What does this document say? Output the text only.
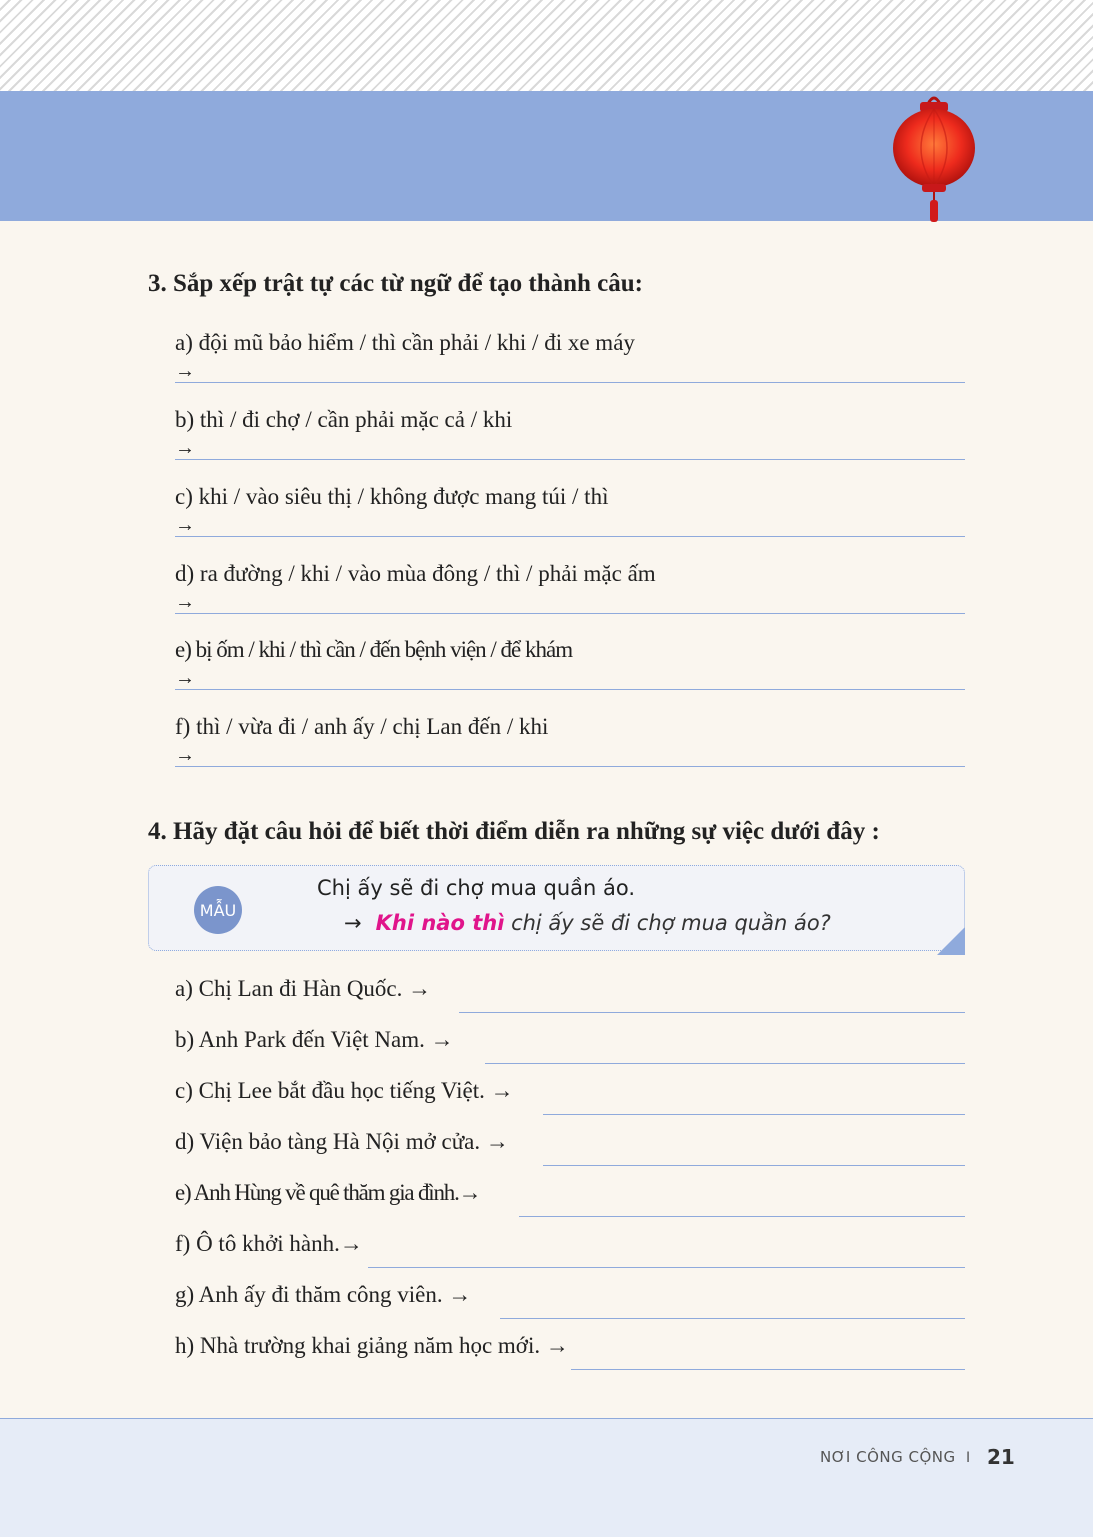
3. Sắp xếp trật tự các từ ngữ để tạo thành câu:
a) đội mũ bảo hiểm / thì cần phải / khi / đi xe máy
→
b) thì / đi chợ / cần phải mặc cả / khi
→
c) khi / vào siêu thị / không được mang túi / thì
→
d) ra đường / khi / vào mùa đông / thì / phải mặc ấm
→
e) bị ốm / khi / thì cần / đến bệnh viện / để khám
→
f) thì / vừa đi / anh ấy / chị Lan đến / khi
→
4. Hãy đặt câu hỏi để biết thời điểm diễn ra những sự việc dưới đây :
MẪU
Chị ấy sẽ đi chợ mua quần áo.
→ Khi nào thì chị ấy sẽ đi chợ mua quần áo?
a) Chị Lan đi Hàn Quốc. →
b) Anh Park đến Việt Nam. →
c) Chị Lee bắt đầu học tiếng Việt. →
d) Viện bảo tàng Hà Nội mở cửa. →
e) Anh Hùng về quê thăm gia đình.→
f) Ô tô khởi hành.→
g) Anh ấy đi thăm công viên. →
h) Nhà trường khai giảng năm học mới. →
NƠI CÔNG CỘNG I 21
